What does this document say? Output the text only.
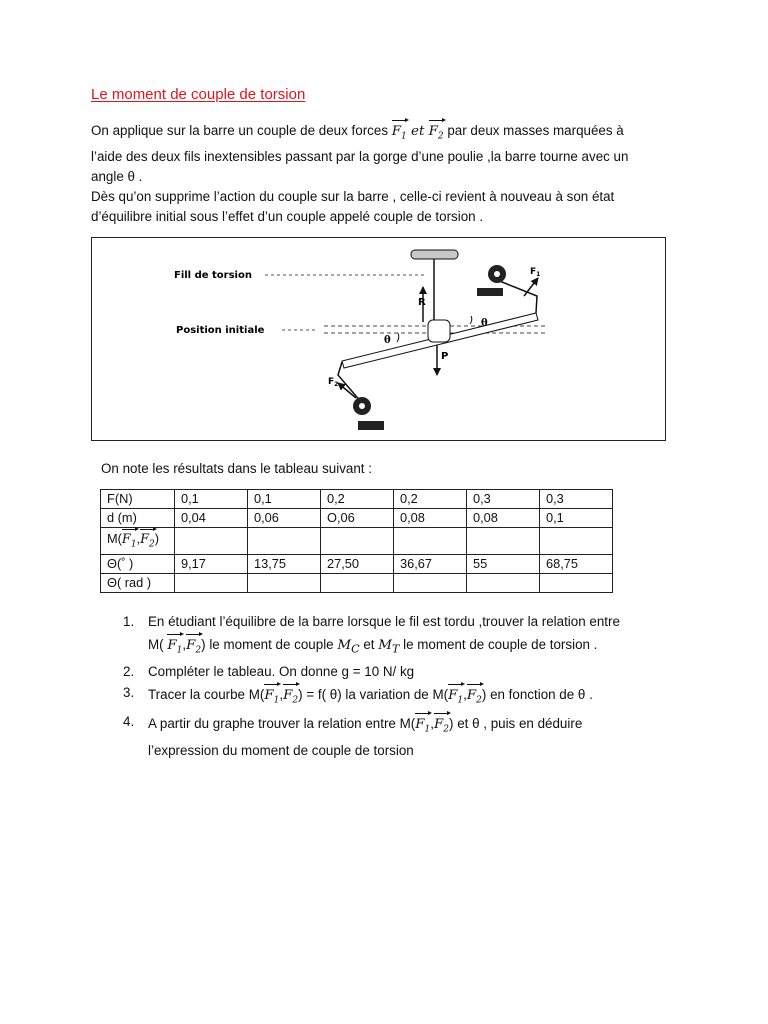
Le moment de couple de torsion

On applique sur la barre un couple de deux forces $F_1$ et $F_2$ par deux masses marquées à
l’aide des deux fils inextensibles passant par la gorge d’une poulie ,la barre tourne avec un
angle θ .

Dès qu’on supprime l’action du couple sur la barre , celle-ci revient à nouveau à son état
d’équilibre initial sous l’effet d’un couple appelé couple de torsion .

Fill de torsion
Position initiale
R
P
$F_1$
$F_2$
θ
θ
On note les résultats dans le tableau suivant :
F(N)	0,1	0,1	0,2	0,2	0,3	0,3
d (m)	0,04	0,06	O,06	0,08	0,08	0,1
$M(F_1,F_2)$						
Θ(˚ )	9,17	13,75	27,50	36,67	55	68,75
Θ( rad )						
1. En étudiant l’équilibre de la barre lorsque le fil est tordu ,trouver la relation entre
M( $F_1,F_2$) le moment de couple $M_C$ et $M_T$ le moment de couple de torsion .
2. Compléter le tableau. On donne g = 10 N/ kg
3. Tracer la courbe $M(F_1,F_2) = f$( θ) la variation de $M(F_1,F_2)$ en fonction de θ .
4. A partir du graphe trouver la relation entre $M(F_1,F_2)$ et θ , puis en déduire
l’expression du moment de couple de torsion
